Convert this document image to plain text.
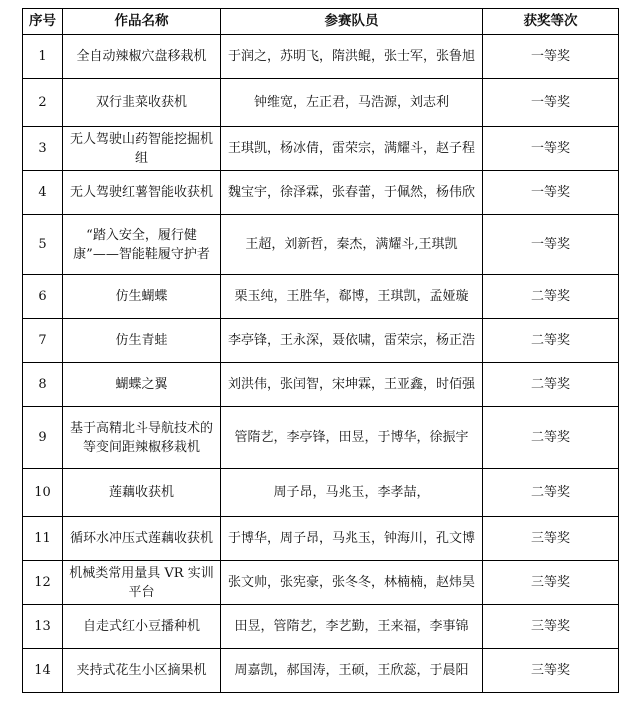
序号	作品名称	参赛队员	获奖等次
1	全自动辣椒穴盘移栽机	于润之，苏明飞，隋洪鲲，张士军，张鲁旭	一等奖
2	双行韭菜收获机	钟维宽，左正君，马浩源，刘志利	一等奖
3	无人驾驶山药智能挖掘机组	王琪凯，杨冰倩，雷荣宗，满耀斗，赵子程	一等奖
4	无人驾驶红薯智能收获机	魏宝宇，徐泽霖，张春蕾，于佩然，杨伟欣	一等奖
5	“踏入安全，履行健康”——智能鞋履守护者	王超，刘新哲，秦杰，满耀斗,王琪凯	一等奖
6	仿生蝴蝶	栗玉纯，王胜华，郗博，王琪凯，孟娅璇	二等奖
7	仿生青蛙	李亭锋，王永深，聂依啸，雷荣宗，杨正浩	二等奖
8	蝴蝶之翼	刘洪伟，张闰智，宋坤霖，王亚鑫，时佰强	二等奖
9	基于高精北斗导航技术的等变间距辣椒移栽机	管隋艺，李亭锋，田昱，于博华，徐振宇	二等奖
10	莲藕收获机	周子昂，马兆玉，李孝喆，	二等奖
11	循环水冲压式莲藕收获机	于博华，周子昂，马兆玉，钟海川，孔文博	三等奖
12	机械类常用量具 VR 实训平台	张文帅，张宪豪，张冬冬，林楠楠，赵炜昊	三等奖
13	自走式红小豆播种机	田昱，管隋艺，李艺勤，王来福，李事锦	三等奖
14	夹持式花生小区摘果机	周嘉凯，郝国涛，王硕，王欣蕊，于晨阳	三等奖
